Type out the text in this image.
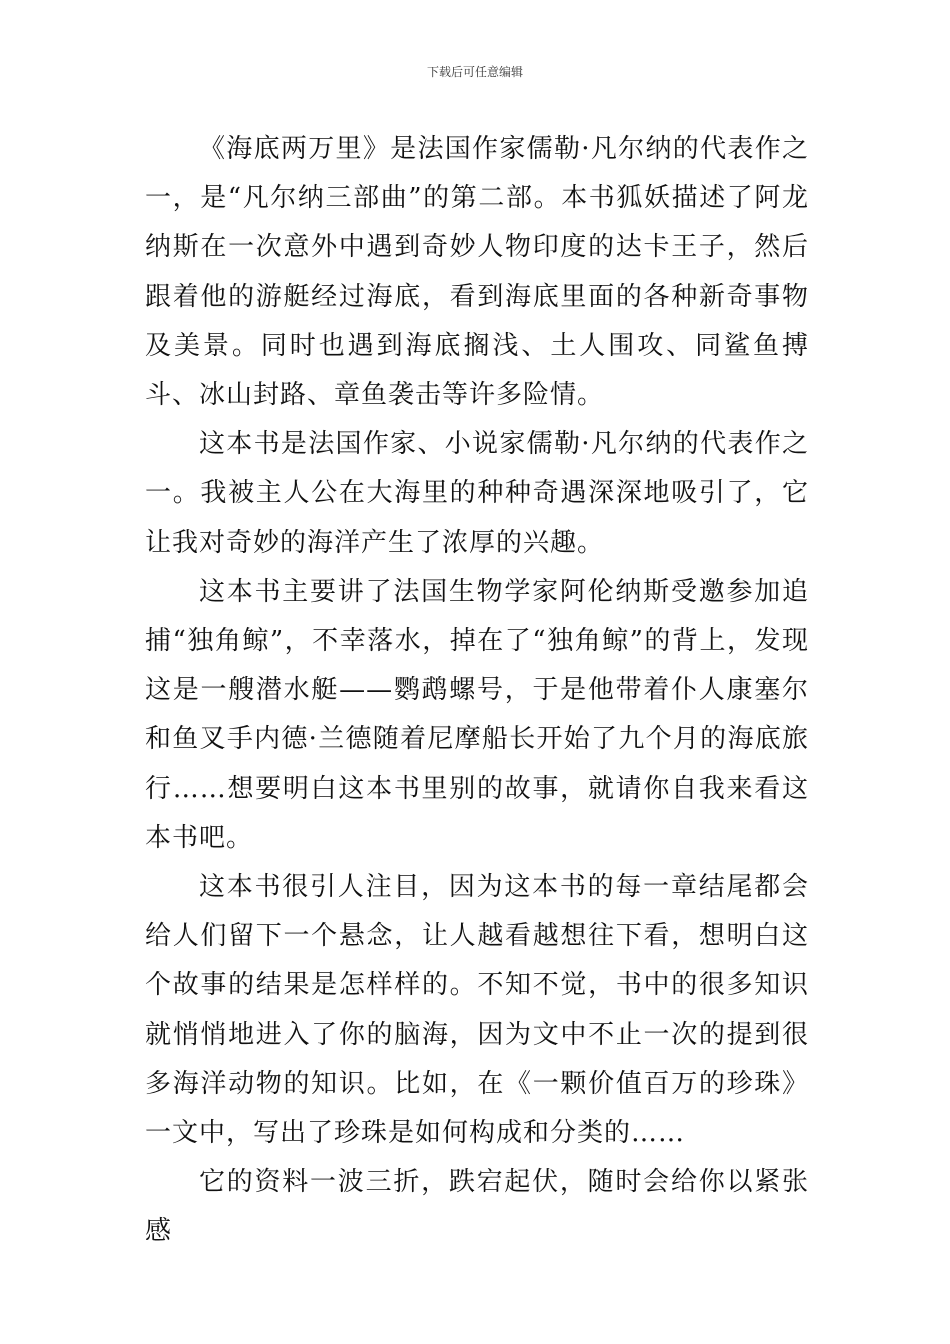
下载后可任意编辑

《海底两万里》是法国作家儒勒·凡尔纳的代表作之一，是“凡尔纳三部曲”的第二部。本书狐妖描述了阿龙纳斯在一次意外中遇到奇妙人物印度的达卡王子，然后跟着他的游艇经过海底，看到海底里面的各种新奇事物及美景。同时也遇到海底搁浅、土人围攻、同鲨鱼搏斗、冰山封路、章鱼袭击等许多险情。

这本书是法国作家、小说家儒勒·凡尔纳的代表作之一。我被主人公在大海里的种种奇遇深深地吸引了，它让我对奇妙的海洋产生了浓厚的兴趣。

这本书主要讲了法国生物学家阿伦纳斯受邀参加追捕“独角鲸”，不幸落水，掉在了“独角鲸”的背上，发现这是一艘潜水艇——鹦鹉螺号，于是他带着仆人康塞尔和鱼叉手内德·兰德随着尼摩船长开始了九个月的海底旅行……想要明白这本书里别的故事，就请你自我来看这本书吧。

这本书很引人注目，因为这本书的每一章结尾都会给人们留下一个悬念，让人越看越想往下看，想明白这个故事的结果是怎样样的。不知不觉，书中的很多知识就悄悄地进入了你的脑海，因为文中不止一次的提到很多海洋动物的知识。比如，在《一颗价值百万的珍珠》一文中，写出了珍珠是如何构成和分类的……

它的资料一波三折，跌宕起伏，随时会给你以紧张感
